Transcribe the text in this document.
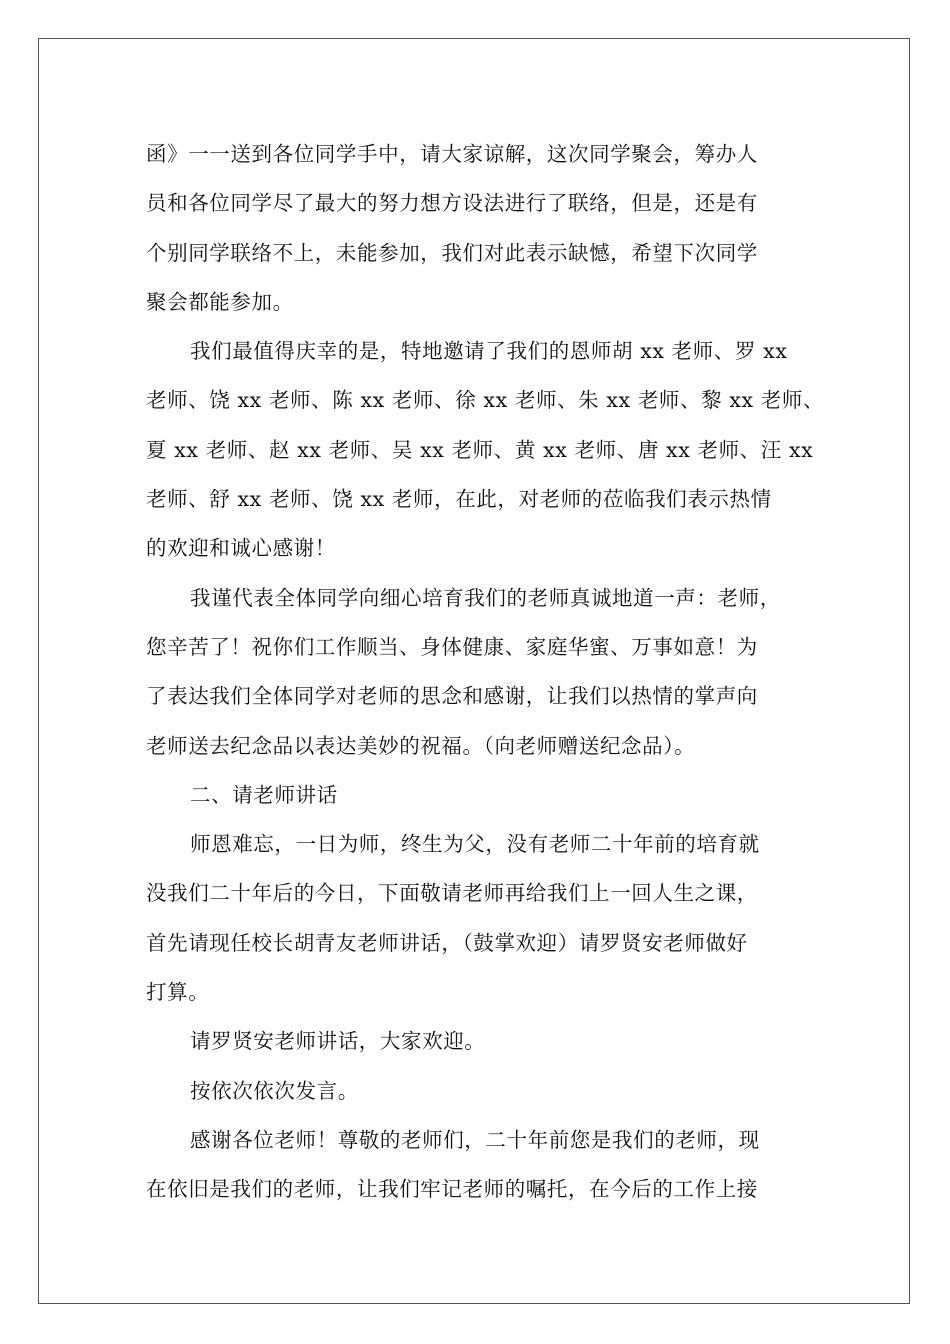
函》一一送到各位同学手中，请大家谅解，这次同学聚会，筹办人
员和各位同学尽了最大的努力想方设法进行了联络，但是，还是有
个别同学联络不上，未能参加，我们对此表示缺憾，希望下次同学
聚会都能参加。
我们最值得庆幸的是，特地邀请了我们的恩师胡 xx 老师、罗 xx
老师、饶 xx 老师、陈 xx 老师、徐 xx 老师、朱 xx 老师、黎 xx 老师、
夏 xx 老师、赵 xx 老师、吴 xx 老师、黄 xx 老师、唐 xx 老师、汪 xx
老师、舒 xx 老师、饶 xx 老师，在此，对老师的莅临我们表示热情
的欢迎和诚心感谢！
我谨代表全体同学向细心培育我们的老师真诚地道一声：老师，
您辛苦了！祝你们工作顺当、身体健康、家庭华蜜、万事如意！为
了表达我们全体同学对老师的思念和感谢，让我们以热情的掌声向
老师送去纪念品以表达美妙的祝福。（向老师赠送纪念品）。
二、请老师讲话
师恩难忘，一日为师，终生为父，没有老师二十年前的培育就
没我们二十年后的今日，下面敬请老师再给我们上一回人生之课，
首先请现任校长胡青友老师讲话，（鼓掌欢迎）请罗贤安老师做好
打算。
请罗贤安老师讲话，大家欢迎。
按依次依次发言。
感谢各位老师！尊敬的老师们，二十年前您是我们的老师，现
在依旧是我们的老师，让我们牢记老师的嘱托，在今后的工作上接
